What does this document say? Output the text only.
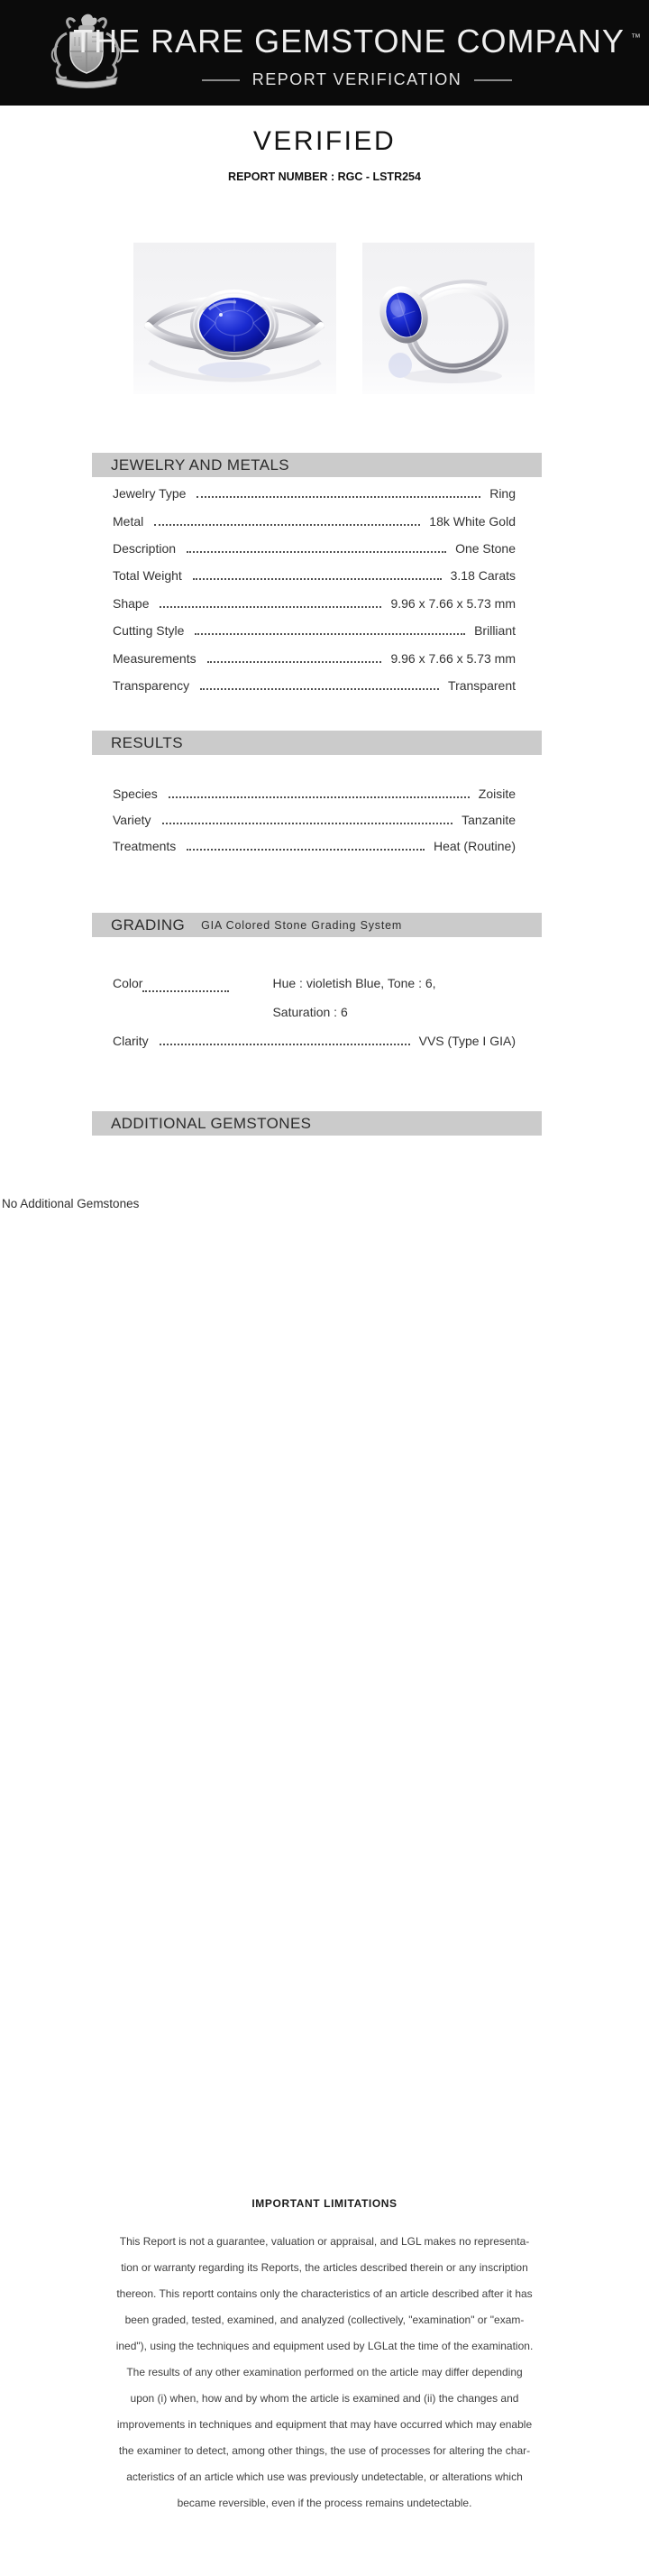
THE RARE GEMSTONE COMPANY ™
REPORT VERIFICATION
VERIFIED
REPORT NUMBER : RGC - LSTR254
JEWELRY AND METALS
Jewelry Type	Ring
Metal	18k White Gold
Description	One Stone
Total Weight	3.18 Carats
Shape	9.96 x 7.66 x 5.73 mm
Cutting Style	Brilliant
Measurements	9.96 x 7.66 x 5.73 mm
Transparency	Transparent
RESULTS
Species	Zoisite
Variety	Tanzanite
Treatments	Heat (Routine)
GRADING GIA Colored Stone Grading System
Color	Hue : violetish Blue, Tone : 6,
Saturation : 6
Clarity	VVS (Type I GIA)
ADDITIONAL GEMSTONES
No Additional Gemstones
IMPORTANT LIMITATIONS
This Report is not a guarantee, valuation or appraisal, and LGL makes no representa-
tion or warranty regarding its Reports, the articles described therein or any inscription
thereon. This reportt contains only the characteristics of an article described after it has
been graded, tested, examined, and analyzed (collectively, "examination" or "exam-
ined"), using the techniques and equipment used by LGLat the time of the examination.
The results of any other examination performed on the article may differ depending
upon (i) when, how and by whom the article is examined and (ii) the changes and
improvements in techniques and equipment that may have occurred which may enable
the examiner to detect, among other things, the use of processes for altering the char-
acteristics of an article which use was previously undetectable, or alterations which
became reversible, even if the process remains undetectable.
